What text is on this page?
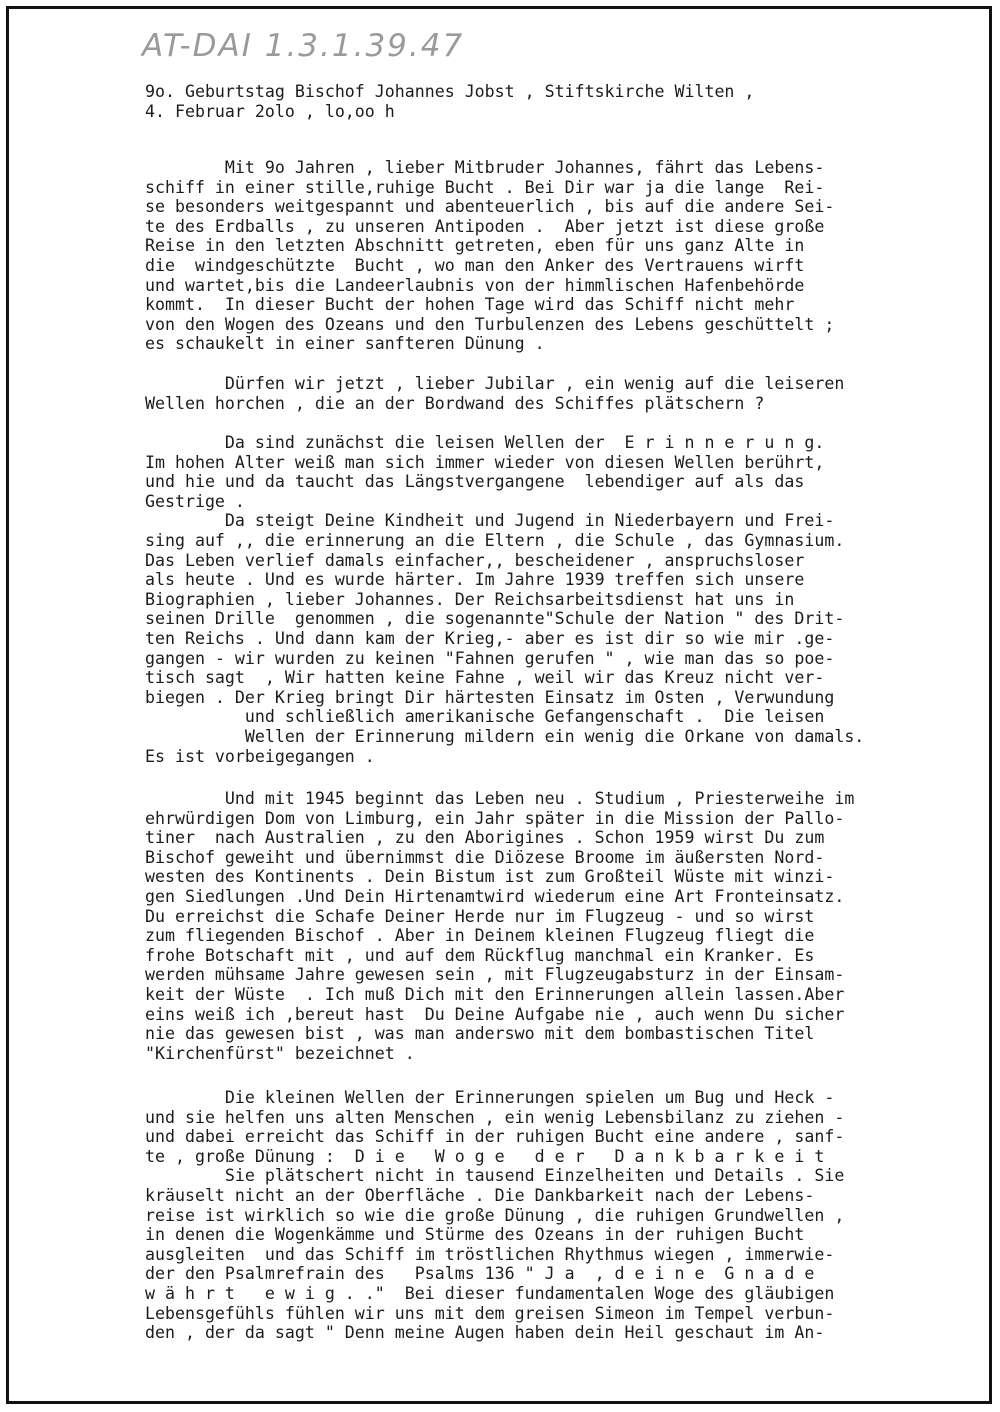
AT-DAI 1.3.1.39.47
9o. Geburtstag Bischof Johannes Jobst , Stiftskirche Wilten ,
4. Februar 2olo , lo,oo h
Mit 9o Jahren , lieber Mitbruder Johannes, fährt das Lebens-
schiff in einer stille,ruhige Bucht . Bei Dir war ja die lange  Rei-
se besonders weitgespannt und abenteuerlich , bis auf die andere Sei-
te des Erdballs , zu unseren Antipoden .  Aber jetzt ist diese große
Reise in den letzten Abschnitt getreten, eben für uns ganz Alte in
die  windgeschützte  Bucht , wo man den Anker des Vertrauens wirft
und wartet,bis die Landeerlaubnis von der himmlischen Hafenbehörde
kommt.  In dieser Bucht der hohen Tage wird das Schiff nicht mehr
von den Wogen des Ozeans und den Turbulenzen des Lebens geschüttelt ;
es schaukelt in einer sanfteren Dünung .
Dürfen wir jetzt , lieber Jubilar , ein wenig auf die leiseren
Wellen horchen , die an der Bordwand des Schiffes plätschern ?
Da sind zunächst die leisen Wellen der  E r i n n e r u n g.
Im hohen Alter weiß man sich immer wieder von diesen Wellen berührt,
und hie und da taucht das Längstvergangene  lebendiger auf als das
Gestrige .
Da steigt Deine Kindheit und Jugend in Niederbayern und Frei-
sing auf ,, die erinnerung an die Eltern , die Schule , das Gymnasium.
Das Leben verlief damals einfacher,, bescheidener , anspruchsloser
als heute . Und es wurde härter. Im Jahre 1939 treffen sich unsere
Biographien , lieber Johannes. Der Reichsarbeitsdienst hat uns in
seinen Drille  genommen , die sogenannte"Schule der Nation " des Drit-
ten Reichs . Und dann kam der Krieg,- aber es ist dir so wie mir .ge-
gangen - wir wurden zu keinen "Fahnen gerufen " , wie man das so poe-
tisch sagt  , Wir hatten keine Fahne , weil wir das Kreuz nicht ver-
biegen . Der Krieg bringt Dir härtesten Einsatz im Osten , Verwundung
und schließlich amerikanische Gefangenschaft .  Die leisen
Wellen der Erinnerung mildern ein wenig die Orkane von damals.
Es ist vorbeigegangen .
Und mit 1945 beginnt das Leben neu . Studium , Priesterweihe im
ehrwürdigen Dom von Limburg, ein Jahr später in die Mission der Pallo-
tiner  nach Australien , zu den Aborigines . Schon 1959 wirst Du zum
Bischof geweiht und übernimmst die Diözese Broome im äußersten Nord-
westen des Kontinents . Dein Bistum ist zum Großteil Wüste mit winzi-
gen Siedlungen .Und Dein Hirtenamtwird wiederum eine Art Fronteinsatz.
Du erreichst die Schafe Deiner Herde nur im Flugzeug - und so wirst
zum fliegenden Bischof . Aber in Deinem kleinen Flugzeug fliegt die
frohe Botschaft mit , und auf dem Rückflug manchmal ein Kranker. Es
werden mühsame Jahre gewesen sein , mit Flugzeugabsturz in der Einsam-
keit der Wüste  . Ich muß Dich mit den Erinnerungen allein lassen.Aber
eins weiß ich ,bereut hast  Du Deine Aufgabe nie , auch wenn Du sicher
nie das gewesen bist , was man anderswo mit dem bombastischen Titel
"Kirchenfürst" bezeichnet .
Die kleinen Wellen der Erinnerungen spielen um Bug und Heck -
und sie helfen uns alten Menschen , ein wenig Lebensbilanz zu ziehen -
und dabei erreicht das Schiff in der ruhigen Bucht eine andere , sanf-
te , große Dünung :  D i e   W o g e   d e r   D a n k b a r k e i t
Sie plätschert nicht in tausend Einzelheiten und Details . Sie
kräuselt nicht an der Oberfläche . Die Dankbarkeit nach der Lebens-
reise ist wirklich so wie die große Dünung , die ruhigen Grundwellen ,
in denen die Wogenkämme und Stürme des Ozeans in der ruhigen Bucht
ausgleiten  und das Schiff im tröstlichen Rhythmus wiegen , immerwie-
der den Psalmrefrain des   Psalms 136 " J a  , d e i n e  G n a d e
w ä h r t   e w i g . ."  Bei dieser fundamentalen Woge des gläubigen
Lebensgefühls fühlen wir uns mit dem greisen Simeon im Tempel verbun-
den , der da sagt " Denn meine Augen haben dein Heil geschaut im An-
